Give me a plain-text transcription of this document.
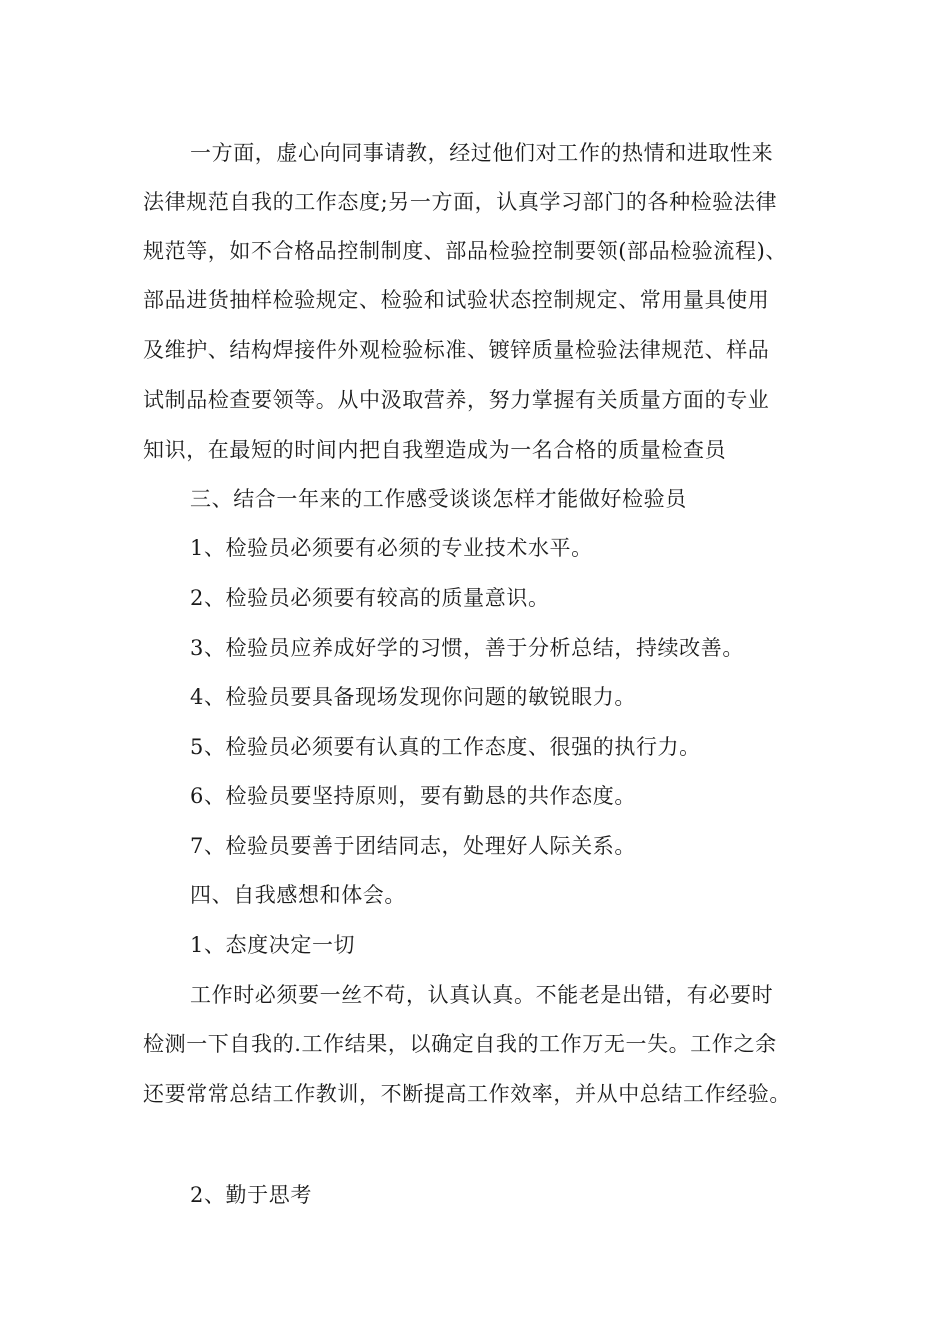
一方面，虚心向同事请教，经过他们对工作的热情和进取性来
法律规范自我的工作态度;另一方面，认真学习部门的各种检验法律
规范等，如不合格品控制制度、部品检验控制要领(部品检验流程)、
部品进货抽样检验规定、检验和试验状态控制规定、常用量具使用
及维护、结构焊接件外观检验标准、镀锌质量检验法律规范、样品
试制品检查要领等。从中汲取营养，努力掌握有关质量方面的专业
知识，在最短的时间内把自我塑造成为一名合格的质量检查员
三、结合一年来的工作感受谈谈怎样才能做好检验员
1、检验员必须要有必须的专业技术水平。
2、检验员必须要有较高的质量意识。
3、检验员应养成好学的习惯，善于分析总结，持续改善。
4、检验员要具备现场发现你问题的敏锐眼力。
5、检验员必须要有认真的工作态度、很强的执行力。
6、检验员要坚持原则，要有勤恳的共作态度。
7、检验员要善于团结同志，处理好人际关系。
四、自我感想和体会。
1、态度决定一切
工作时必须要一丝不苟，认真认真。不能老是出错，有必要时
检测一下自我的.工作结果，以确定自我的工作万无一失。工作之余
还要常常总结工作教训，不断提高工作效率，并从中总结工作经验。
2、勤于思考
